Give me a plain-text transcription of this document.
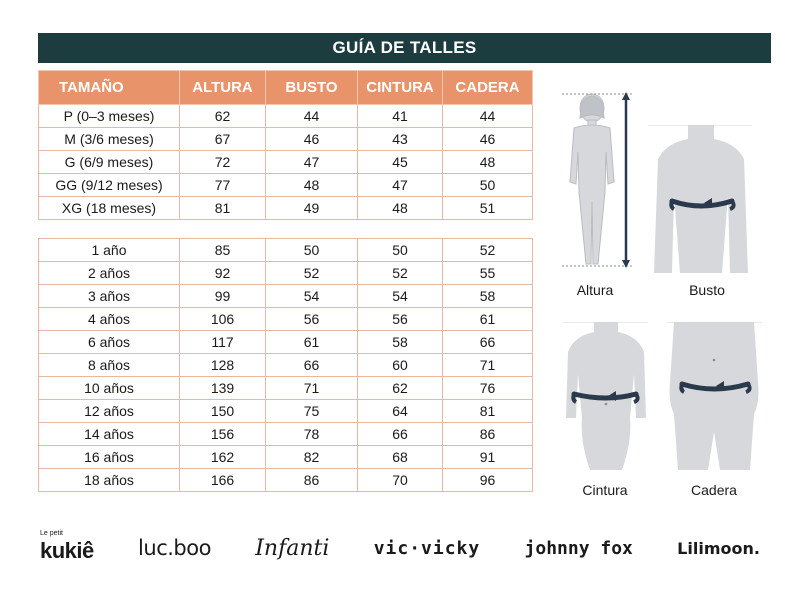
GUÍA DE TALLES
TAMAÑO	ALTURA	BUSTO	CINTURA	CADERA
P (0–3 meses)	62	44	41	44
M (3/6 meses)	67	46	43	46
G (6/9 meses)	72	47	45	48
GG (9/12 meses)	77	48	47	50
XG (18 meses)	81	49	48	51
1 año	85	50	50	52
2 años	92	52	52	55
3 años	99	54	54	58
4 años	106	56	56	61
6 años	117	61	58	66
8 años	128	66	60	71
10 años	139	71	62	76
12 años	150	75	64	81
14 años	156	78	66	86
16 años	162	82	68	91
18 años	166	86	70	96
Altura	Busto
Cintura	Cadera
Le petit
kukiê luc.boo Infanti vic·vicky johnny fox	Lilimoon.
